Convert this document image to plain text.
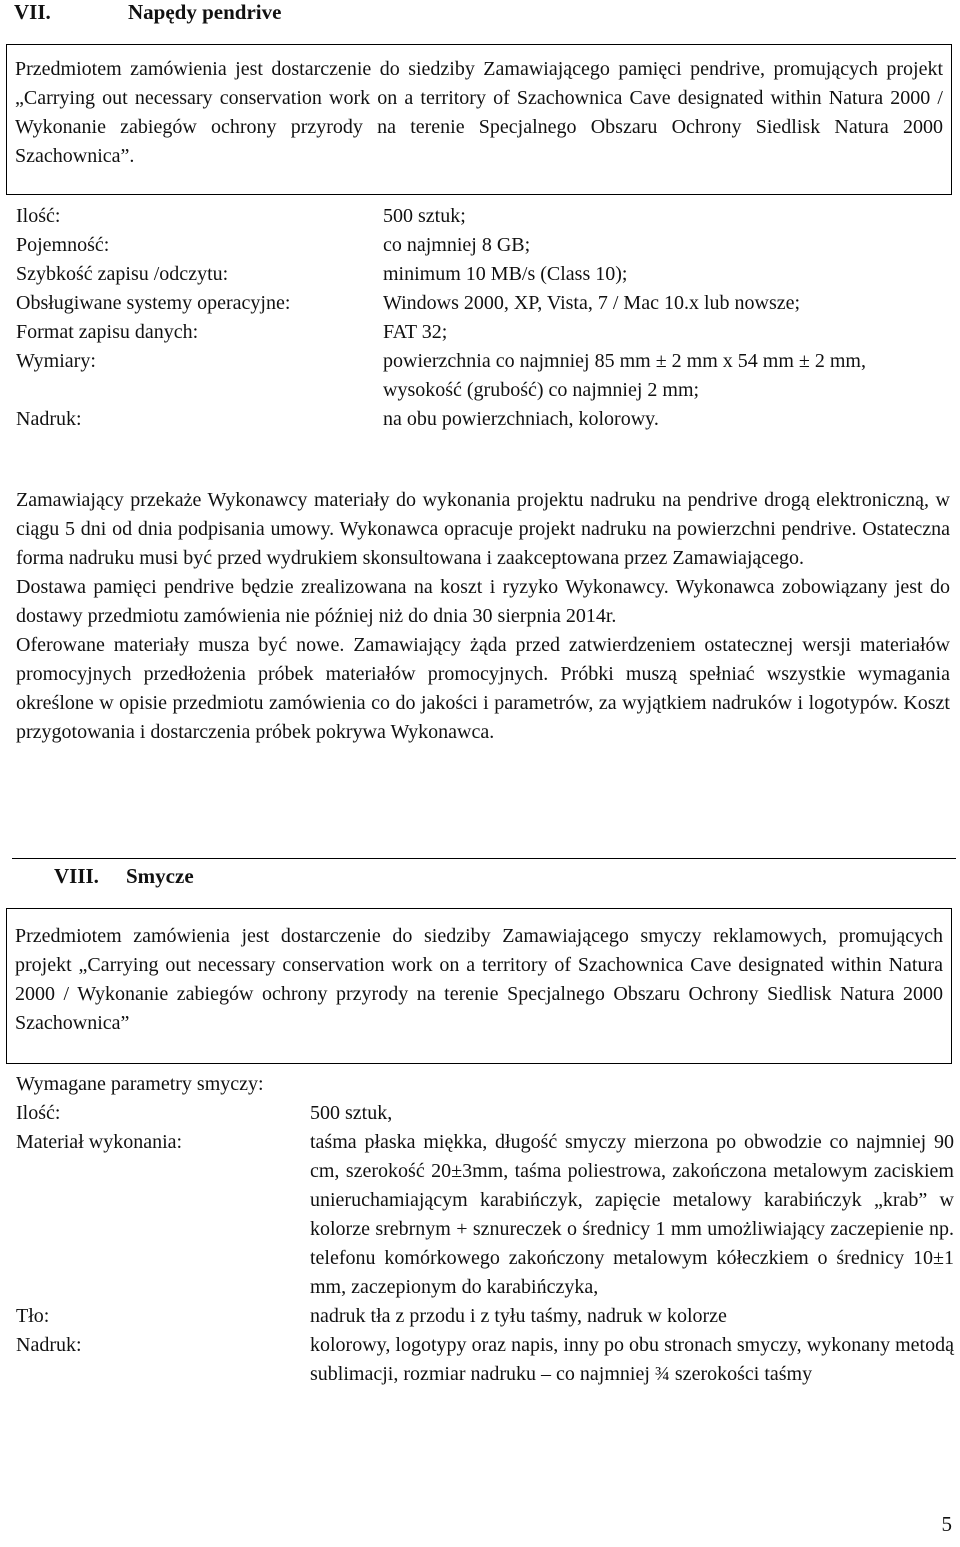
VII.	Napędy pendrive

Przedmiotem zamówienia jest dostarczenie do siedziby Zamawiającego pamięci pendrive, promujących projekt „Carrying out necessary conservation work on a territory of Szachownica Cave designated within Natura 2000 / Wykonanie zabiegów ochrony przyrody na terenie Specjalnego Obszaru Ochrony Siedlisk Natura 2000 Szachownica”.

Ilość:	500 sztuk;
Pojemność:	co najmniej 8 GB;
Szybkość zapisu /odczytu:	minimum 10 MB/s (Class 10);
Obsługiwane systemy operacyjne:	Windows 2000, XP, Vista, 7 / Mac 10.x lub nowsze;
Format zapisu danych:	FAT 32;
Wymiary:	powierzchnia co najmniej 85 mm ± 2 mm x 54 mm ± 2 mm,
wysokość (grubość) co najmniej 2 mm;
Nadruk:	na obu powierzchniach, kolorowy.

Zamawiający przekaże Wykonawcy materiały do wykonania projektu nadruku na pendrive drogą elektroniczną, w ciągu 5 dni od dnia podpisania umowy. Wykonawca opracuje projekt nadruku na powierzchni pendrive. Ostateczna forma nadruku musi być przed wydrukiem skonsultowana i zaakceptowana przez Zamawiającego.

Dostawa pamięci pendrive będzie zrealizowana na koszt i ryzyko Wykonawcy. Wykonawca zobowiązany jest do dostawy przedmiotu zamówienia nie później niż do dnia 30 sierpnia 2014r.

Oferowane materiały musza być nowe. Zamawiający żąda przed zatwierdzeniem ostatecznej wersji materiałów promocyjnych przedłożenia próbek materiałów promocyjnych. Próbki muszą spełniać wszystkie wymagania określone w opisie przedmiotu zamówienia co do jakości i parametrów, za wyjątkiem nadruków i logotypów. Koszt przygotowania i dostarczenia próbek pokrywa Wykonawca.

VIII. Smycze

Przedmiotem zamówienia jest dostarczenie do siedziby Zamawiającego smyczy reklamowych, promujących projekt „Carrying out necessary conservation work on a territory of Szachownica Cave designated within Natura 2000 / Wykonanie zabiegów ochrony przyrody na terenie Specjalnego Obszaru Ochrony Siedlisk Natura 2000 Szachownica”

Wymagane parametry smyczy:
Ilość:	500 sztuk,
Materiał wykonania:	taśma płaska miękka, długość smyczy mierzona po obwodzie co najmniej 90 cm, szerokość 20±3mm, taśma poliestrowa, zakończona metalowym zaciskiem unieruchamiającym karabińczyk, zapięcie metalowy karabińczyk „krab” w kolorze srebrnym + sznureczek o średnicy 1 mm umożliwiający zaczepienie np. telefonu komórkowego zakończony metalowym kółeczkiem o średnicy 10±1 mm, zaczepionym do karabińczyka,
Tło:	nadruk tła z przodu i z tyłu taśmy, nadruk w kolorze
Nadruk:	kolorowy, logotypy oraz napis, inny po obu stronach smyczy, wykonany metodą sublimacji, rozmiar nadruku – co najmniej ¾ szerokości taśmy
5
